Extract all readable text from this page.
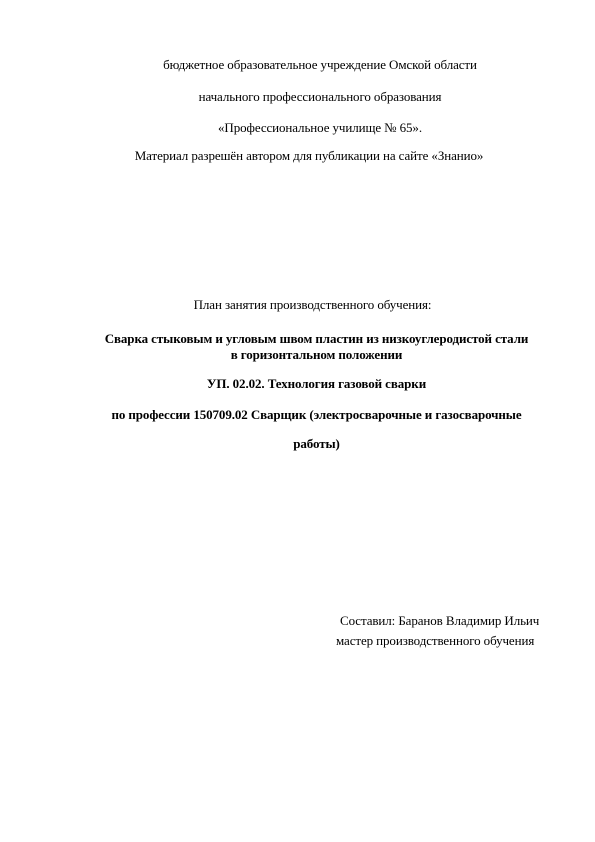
бюджетное образовательное учреждение Омской области
начального профессионального образования
«Профессиональное училище № 65».
Материал разрешён автором для публикации на сайте «Знанио»
План занятия производственного обучения:
Сварка стыковым и угловым швом пластин из низкоуглеродистой стали
в горизонтальном положении
УП. 02.02. Технология газовой сварки
по профессии 150709.02 Сварщик (электросварочные и газосварочные
работы)
Составил: Баранов Владимир Ильич
мастер производственного обучения
